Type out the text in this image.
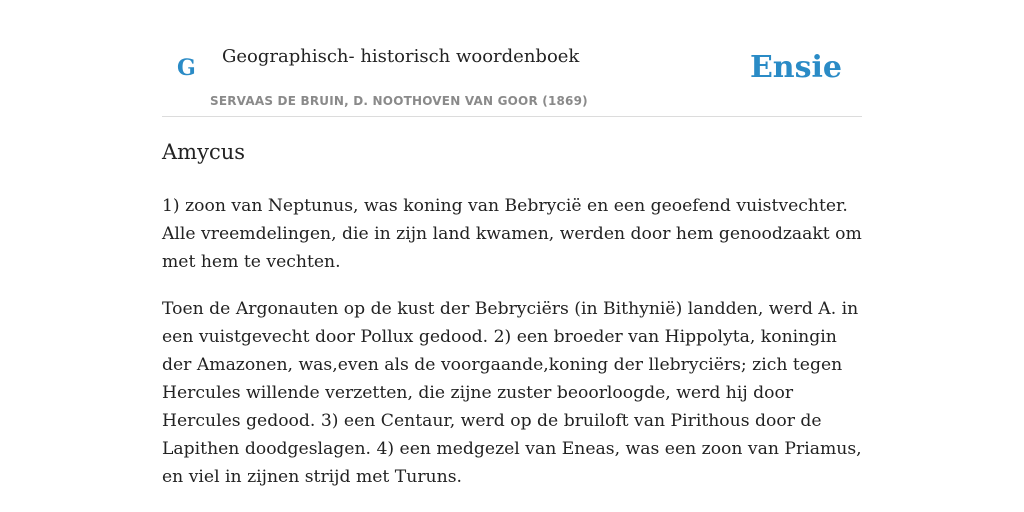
G Geographisch- historisch woordenboek
SERVAAS DE BRUIN, D. NOOTHOVEN VAN GOOR (1869)
Ensie
Amycus

1) zoon van Neptunus, was koning van Bebrycië en een geoefend vuistvechter. Alle vreemdelingen, die in zijn land kwamen, werden door hem genoodzaakt om met hem te vechten.

Toen de Argonauten op de kust der Bebryciërs (in Bithynië) landden, werd A. in een vuistgevecht door Pollux gedood. 2) een broeder van Hippolyta, koningin der Amazonen, was,even als de voorgaande,koning der llebryciërs; zich tegen Hercules willende verzetten, die zijne zuster beoorloogde, werd hij door Hercules gedood. 3) een Centaur, werd op de bruiloft van Pirithous door de Lapithen doodgeslagen. 4) een medgezel van Eneas, was een zoon van Priamus, en viel in zijnen strijd met Turuns.
